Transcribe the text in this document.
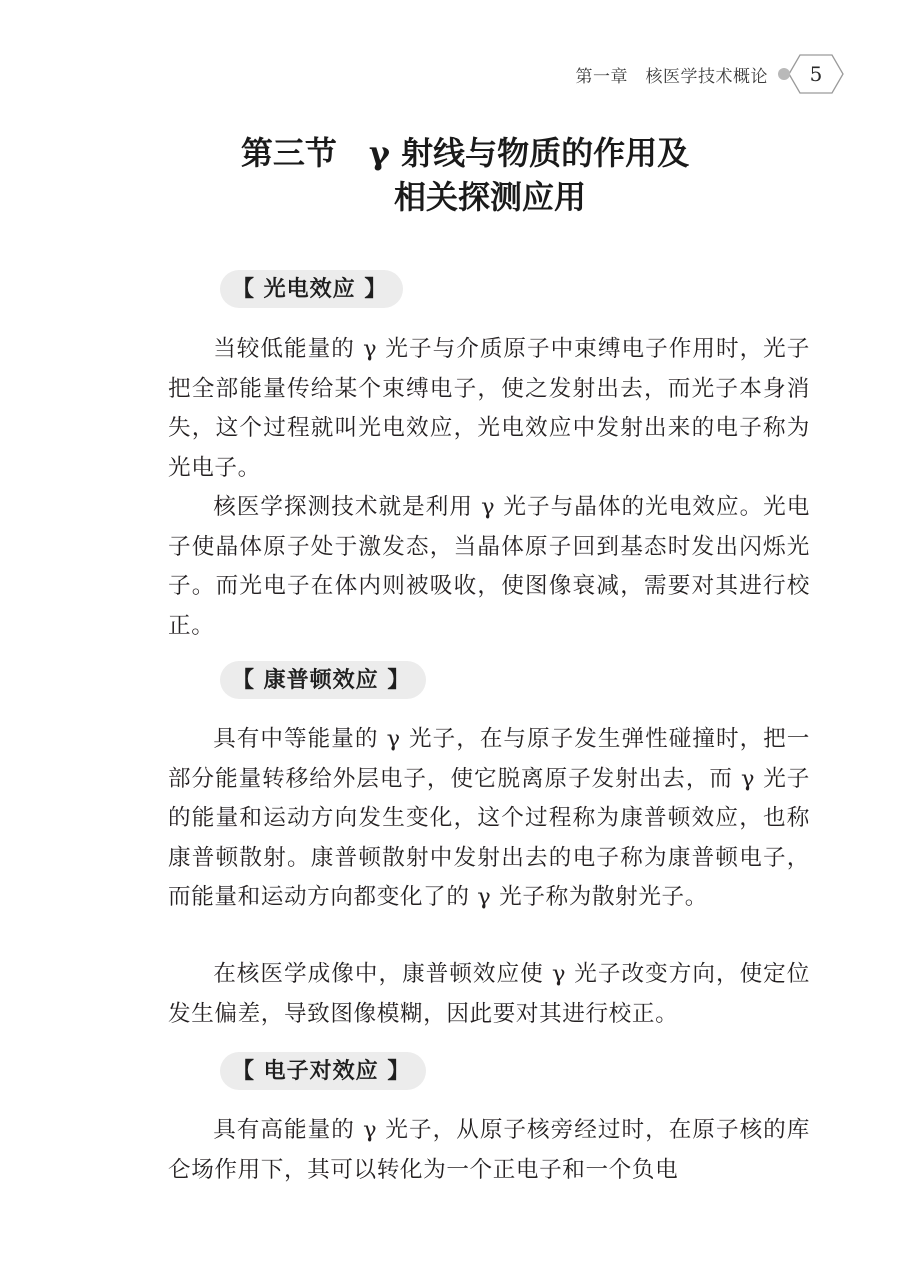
第一章　核医学技术概论	5
第三节　γ 射线与物质的作用及
相关探测应用
【 光电效应 】

当较低能量的 γ 光子与介质原子中束缚电子作用时，光子把全部能量传给某个束缚电子，使之发射出去，而光子本身消失，这个过程就叫光电效应，光电效应中发射出来的电子称为光电子。

核医学探测技术就是利用 γ 光子与晶体的光电效应。光电子使晶体原子处于激发态，当晶体原子回到基态时发出闪烁光子。而光电子在体内则被吸收，使图像衰减，需要对其进行校正。

【 康普顿效应 】

具有中等能量的 γ 光子，在与原子发生弹性碰撞时，把一部分能量转移给外层电子，使它脱离原子发射出去，而 γ 光子的能量和运动方向发生变化，这个过程称为康普顿效应，也称康普顿散射。康普顿散射中发射出去的电子称为康普顿电子，而能量和运动方向都变化了的 γ 光子称为散射光子。

在核医学成像中，康普顿效应使 γ 光子改变方向，使定位发生偏差，导致图像模糊，因此要对其进行校正。

【 电子对效应 】

具有高能量的 γ 光子，从原子核旁经过时，在原子核的库仑场作用下，其可以转化为一个正电子和一个负电
